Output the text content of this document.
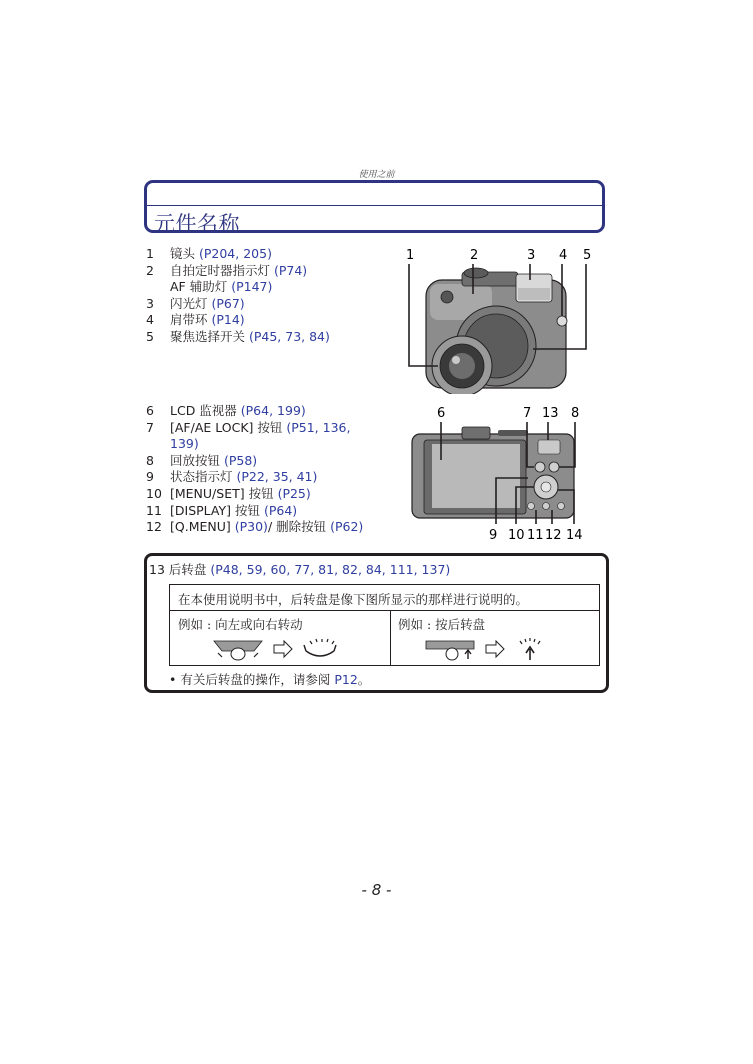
使用之前
元件名称
1 镜头 (P204, 205)
2 自拍定时器指示灯 (P74)
AF 辅助灯 (P147)
3 闪光灯 (P67)
4 肩带环 (P14)
5 聚焦选择开关 (P45, 73, 84)
6 LCD 监视器 (P64, 199)
7 [AF/AE LOCK] 按钮 (P51, 136,
139)
8 回放按钮 (P58)
9 状态指示灯 (P22, 35, 41)
10 [MENU/SET] 按钮 (P25)
11 [DISPLAY] 按钮 (P64)
12 [Q.MENU] (P30)/ 删除按钮 (P62)
1	2	3 4 5
6	7 13 8
9 10 11 12 14
13 后转盘 (P48, 59, 60, 77, 81, 82, 84, 111, 137)
在本使用说明书中，后转盘是像下图所显示的那样进行说明的。
例如 : 向左或向右转动	例如 : 按后转盘
• 有关后转盘的操作，请参阅 P12。
- 8 -
